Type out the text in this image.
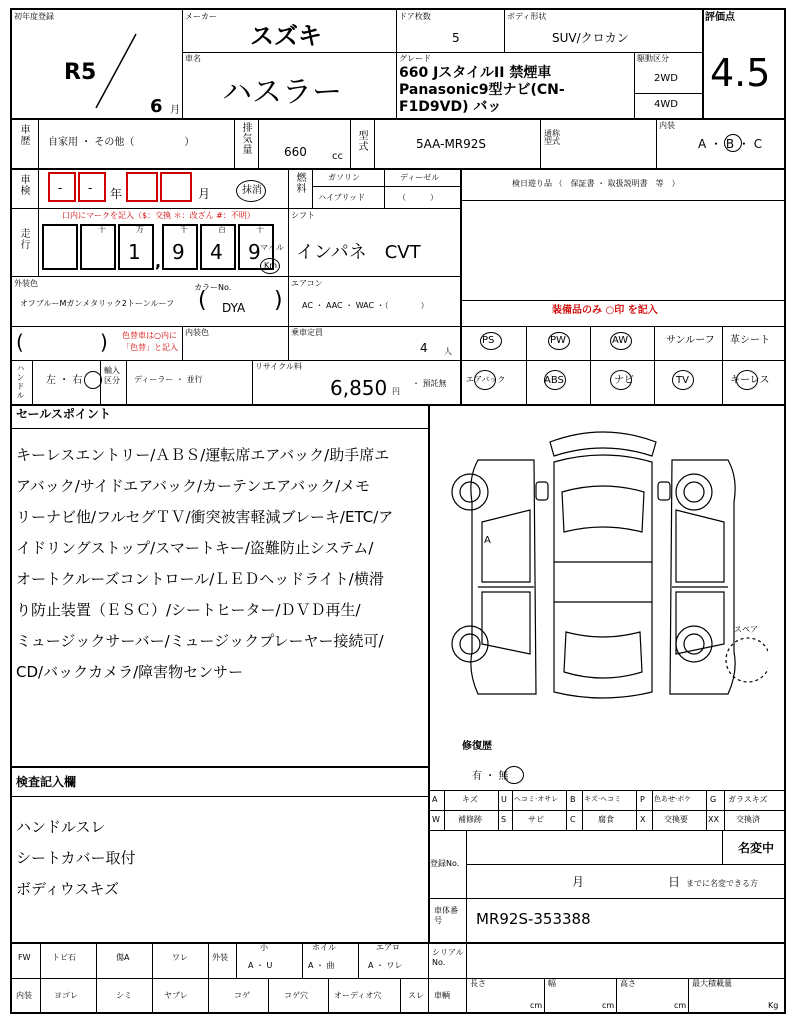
初年度登録
R5
6 月
メーカー
スズキ
ドア枚数
5
ボディ形状
SUV/クロカン
評価点
4.5
車名
ハスラー
グレード
660 JスタイルII 禁煙車
Panasonic9型ナビ(CN-
F1D9VD) バッ
駆動区分
2WD
4WD
車歴 自家用 ・ その他（　　　　　）	排気量	660	cc
型式	5AA-MR92S
通称型式
内装
A ・ B ・ C
車検 - - 年	月	抹消	燃料	ガソリン	ディーゼル
ハイブリッド	（　　　）
検日遊り品 （　保証書 ・ 取扱説明書　等　）
走行
口内にマークを記入（$：交換 ＊：改ざん #：不明）
十	万	千	百	十
1 9 4 9
,
マイル
Km
シフト
インパネ　CVT
外装色
オフブルーMガンメタリック2トーンルーフ
カラーNo.
( DYA )
エアコン
AC ・ AAC ・ WAC ・（　　　　）	装備品のみ ○印 を記入
(	) 色替車は○内に
「色替」と記入
内装色	乗車定員
4 人
PS	PW	AW	サンルーフ 革シート
ハンドル 左 ・ 右
輸入区分	ディーラー ・ 並行
リサイクル料
6,850 円
・ 預託無 エアバック	ABS	ナビ	TV	キーレス
セールスポイント
キーレスエントリー/ＡＢＳ/運転席エアバック/助手席エ
アバック/サイドエアバック/カーテンエアバック/メモ
リーナビ他/フルセグＴＶ/衝突被害軽減ブレーキ/ETC/ア
イドリングストップ/スマートキー/盗難防止システム/
オートクルーズコントロール/ＬＥＤヘッドライト/横滑
り防止装置（ＥＳＣ）/シートヒーター/ＤＶＤ再生/
ミュージックサーバー/ミュージックプレーヤー接続可/
CD/バックカメラ/障害物センサー
A
スペア
修復歴
有 ・ 無
検査記入欄
ハンドルスレ
シートカバー取付
ボディウスキズ
A	キズ	U ヘコミ·オサレ B キズ·ヘコミ P 色あせ·ボケ G ガラスキズ
W 補修跡 S	サビ	C	腐食	X 交換要	XX 交換済
登録No.
名変中
月	日 までに名変できる方
車体番号	MR92S-353388
FW	トビ石	傷A	ワレ	外装
小
A ・ U
ホイル
A ・ 曲
エアロ
A ・ ワレ
シリアルNo.
内装	ヨゴレ	シミ	ヤブレ	コゲ	コゲ穴	オーディオ穴	スレ 車輌
長さ
cm
幅
cm
高さ
cm
最大積載量
Kg
